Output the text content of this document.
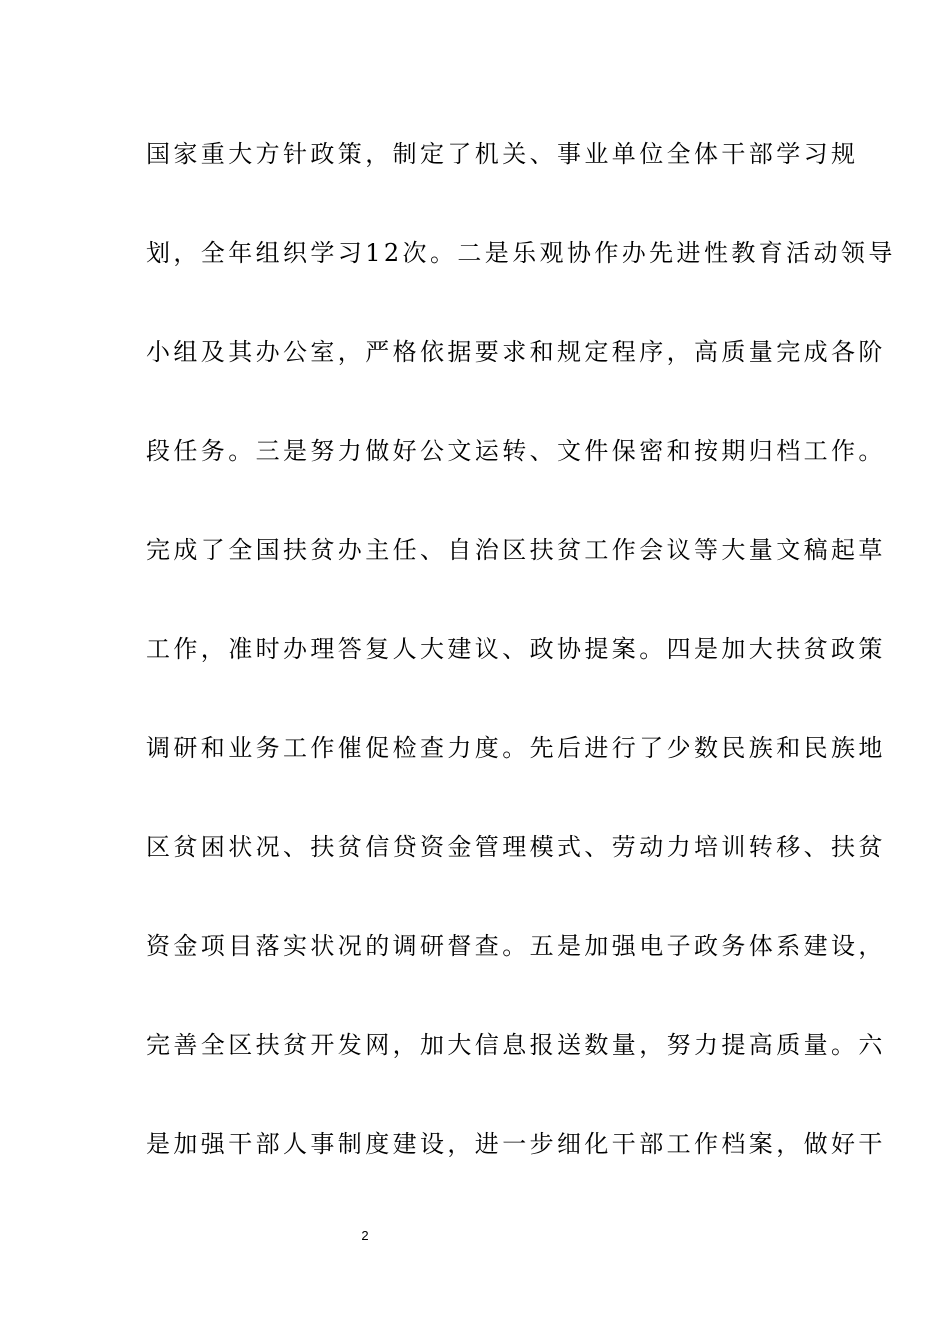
国家重大方针政策，制定了机关、事业单位全体干部学习规
划，全年组织学习12次。二是乐观协作办先进性教育活动领导
小组及其办公室，严格依据要求和规定程序，高质量完成各阶
段任务。三是努力做好公文运转、文件保密和按期归档工作。
完成了全国扶贫办主任、自治区扶贫工作会议等大量文稿起草
工作，准时办理答复人大建议、政协提案。四是加大扶贫政策
调研和业务工作催促检查力度。先后进行了少数民族和民族地
区贫困状况、扶贫信贷资金管理模式、劳动力培训转移、扶贫
资金项目落实状况的调研督查。五是加强电子政务体系建设，
完善全区扶贫开发网，加大信息报送数量，努力提高质量。六
是加强干部人事制度建设，进一步细化干部工作档案，做好干
2
